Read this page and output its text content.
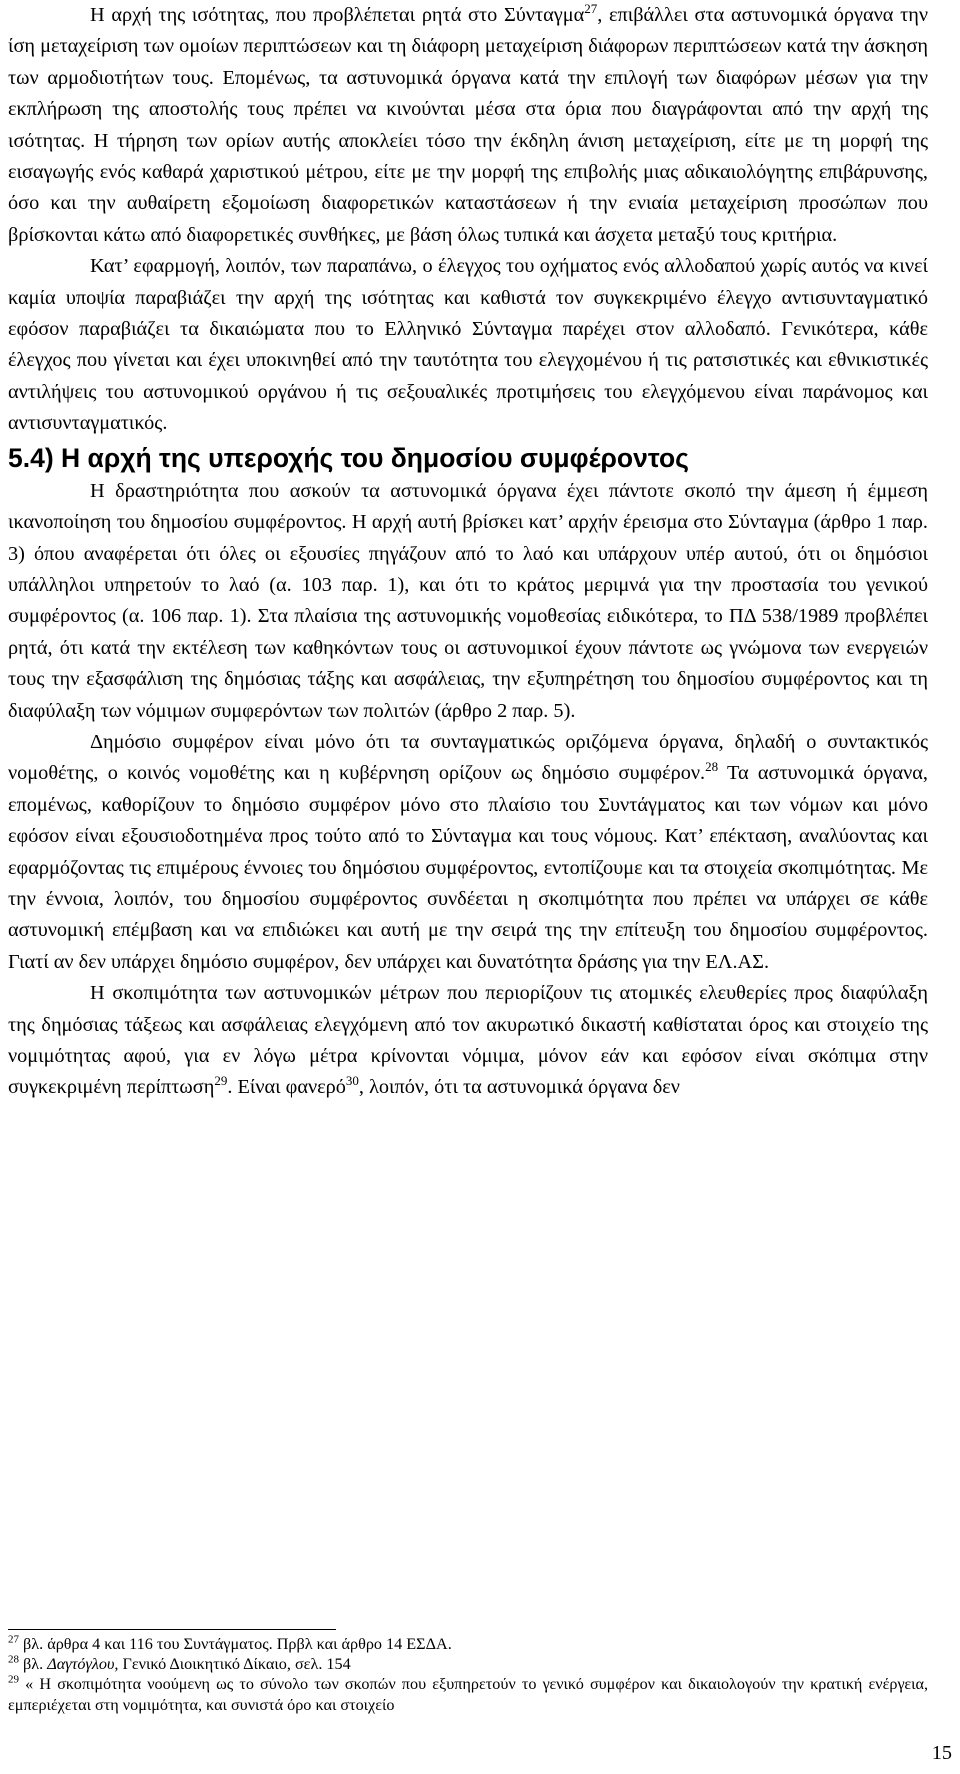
Η αρχή της ισότητας, που προβλέπεται ρητά στο Σύνταγμα$^{27}$, επιβάλλει στα αστυνομικά όργανα την ίση μεταχείριση των ομοίων περιπτώσεων και τη διάφορη μεταχείριση διάφορων περιπτώσεων κατά την άσκηση των αρμοδιοτήτων τους. Επομένως, τα αστυνομικά όργανα κατά την επιλογή των διαφόρων μέσων για την εκπλήρωση της αποστολής τους πρέπει να κινούνται μέσα στα όρια που διαγράφονται από την αρχή της ισότητας. Η τήρηση των ορίων αυτής αποκλείει τόσο την έκδηλη άνιση μεταχείριση, είτε με τη μορφή της εισαγωγής ενός καθαρά χαριστικού μέτρου, είτε με την μορφή της επιβολής μιας αδικαιολόγητης επιβάρυνσης, όσο και την αυθαίρετη εξομοίωση διαφορετικών καταστάσεων ή την ενιαία μεταχείριση προσώπων που βρίσκονται κάτω από διαφορετικές συνθήκες, με βάση όλως τυπικά και άσχετα μεταξύ τους κριτήρια.

Κατ’ εφαρμογή, λοιπόν, των παραπάνω, ο έλεγχος του οχήματος ενός αλλοδαπού χωρίς αυτός να κινεί καμία υποψία παραβιάζει την αρχή της ισότητας και καθιστά τον συγκεκριμένο έλεγχο αντισυνταγματικό εφόσον παραβιάζει τα δικαιώματα που το Ελληνικό Σύνταγμα παρέχει στον αλλοδαπό. Γενικότερα, κάθε έλεγχος που γίνεται και έχει υποκινηθεί από την ταυτότητα του ελεγχομένου ή τις ρατσιστικές και εθνικιστικές αντιλήψεις του αστυνομικού οργάνου ή τις σεξουαλικές προτιμήσεις του ελεγχόμενου είναι παράνομος και αντισυνταγματικός.

5.4) Η αρχή της υπεροχής του δημοσίου συμφέροντος

Η δραστηριότητα που ασκούν τα αστυνομικά όργανα έχει πάντοτε σκοπό την άμεση ή έμμεση ικανοποίηση του δημοσίου συμφέροντος. Η αρχή αυτή βρίσκει κατ’ αρχήν έρεισμα στο Σύνταγμα (άρθρο 1 παρ. 3) όπου αναφέρεται ότι όλες οι εξουσίες πηγάζουν από το λαό και υπάρχουν υπέρ αυτού, ότι οι δημόσιοι υπάλληλοι υπηρετούν το λαό (α. 103 παρ. 1), και ότι το κράτος μεριμνά για την προστασία του γενικού συμφέροντος (α. 106 παρ. 1). Στα πλαίσια της αστυνομικής νομοθεσίας ειδικότερα, το ΠΔ 538/1989 προβλέπει ρητά, ότι κατά την εκτέλεση των καθηκόντων τους οι αστυνομικοί έχουν πάντοτε ως γνώμονα των ενεργειών τους την εξασφάλιση της δημόσιας τάξης και ασφάλειας, την εξυπηρέτηση του δημοσίου συμφέροντος και τη διαφύλαξη των νόμιμων συμφερόντων των πολιτών (άρθρο 2 παρ. 5).

Δημόσιο συμφέρον είναι μόνο ότι τα συνταγματικώς οριζόμενα όργανα, δηλαδή ο συντακτικός νομοθέτης, ο κοινός νομοθέτης και η κυβέρνηση ορίζουν ως δημόσιο συμφέρον.$^{28}$ Τα αστυνομικά όργανα, επομένως, καθορίζουν το δημόσιο συμφέρον μόνο στο πλαίσιο του Συντάγματος και των νόμων και μόνο εφόσον είναι εξουσιοδοτημένα προς τούτο από το Σύνταγμα και τους νόμους. Κατ’ επέκταση, αναλύοντας και εφαρμόζοντας τις επιμέρους έννοιες του δημόσιου συμφέροντος, εντοπίζουμε και τα στοιχεία σκοπιμότητας. Με την έννοια, λοιπόν, του δημοσίου συμφέροντος συνδέεται η σκοπιμότητα που πρέπει να υπάρχει σε κάθε αστυνομική επέμβαση και να επιδιώκει και αυτή με την σειρά της την επίτευξη του δημοσίου συμφέροντος. Γιατί αν δεν υπάρχει δημόσιο συμφέρον, δεν υπάρχει και δυνατότητα δράσης για την ΕΛ.ΑΣ.

Η σκοπιμότητα των αστυνομικών μέτρων που περιορίζουν τις ατομικές ελευθερίες προς διαφύλαξη της δημόσιας τάξεως και ασφάλειας ελεγχόμενη από τον ακυρωτικό δικαστή καθίσταται όρος και στοιχείο της νομιμότητας αφού, για εν λόγω μέτρα κρίνονται νόμιμα, μόνον εάν και εφόσον είναι σκόπιμα στην συγκεκριμένη περίπτωση$^{29}$. Είναι φανερό$^{30}$, λοιπόν, ότι τα αστυνομικά όργανα δεν

$^{27}$ βλ. άρθρα 4 και 116 του Συντάγματος. Πρβλ και άρθρο 14 ΕΣΔΑ.

$^{28}$ βλ. Δαγτόγλου, Γενικό Διοικητικό Δίκαιο, σελ. 154

$^{29}$ « Η σκοπιμότητα νοούμενη ως το σύνολο των σκοπών που εξυπηρετούν το γενικό συμφέρον και δικαιολογούν την κρατική ενέργεια, εμπεριέχεται στη νομιμότητα, και συνιστά όρο και στοιχείο

15
